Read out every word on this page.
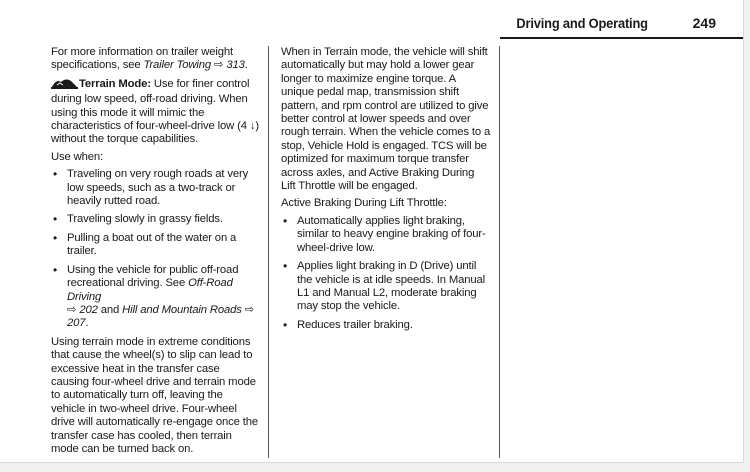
Driving and Operating	249

For more information on trailer weight specifications, see Trailer Towing ⇨ 313.

Terrain Mode: Use for finer control during low speed, off-road driving. When using this mode it will mimic the characteristics of four-wheel-drive low (4 ↓) without the torque capabilities.

Use when:

• Traveling on very rough roads at very low speeds, such as a two-track or heavily rutted road.
• Traveling slowly in grassy fields.
• Pulling a boat out of the water on a trailer.
• Using the vehicle for public off-road recreational driving. See Off-Road Driving
⇨ 202 and Hill and Mountain Roads ⇨ 207.

Using terrain mode in extreme conditions that cause the wheel(s) to slip can lead to excessive heat in the transfer case causing four-wheel drive and terrain mode to automatically turn off, leaving the vehicle in two-wheel drive. Four-wheel drive will automatically re-engage once the transfer case has cooled, then terrain mode can be turned back on.

When in Terrain mode, the vehicle will shift automatically but may hold a lower gear longer to maximize engine torque. A unique pedal map, transmission shift pattern, and rpm control are utilized to give better control at lower speeds and over rough terrain. When the vehicle comes to a stop, Vehicle Hold is engaged. TCS will be optimized for maximum torque transfer across axles, and Active Braking During Lift Throttle will be engaged.

Active Braking During Lift Throttle:

• Automatically applies light braking, similar to heavy engine braking of four-wheel-drive low.
• Applies light braking in D (Drive) until the vehicle is at idle speeds. In Manual L1 and Manual L2, moderate braking may stop the vehicle.
• Reduces trailer braking.
